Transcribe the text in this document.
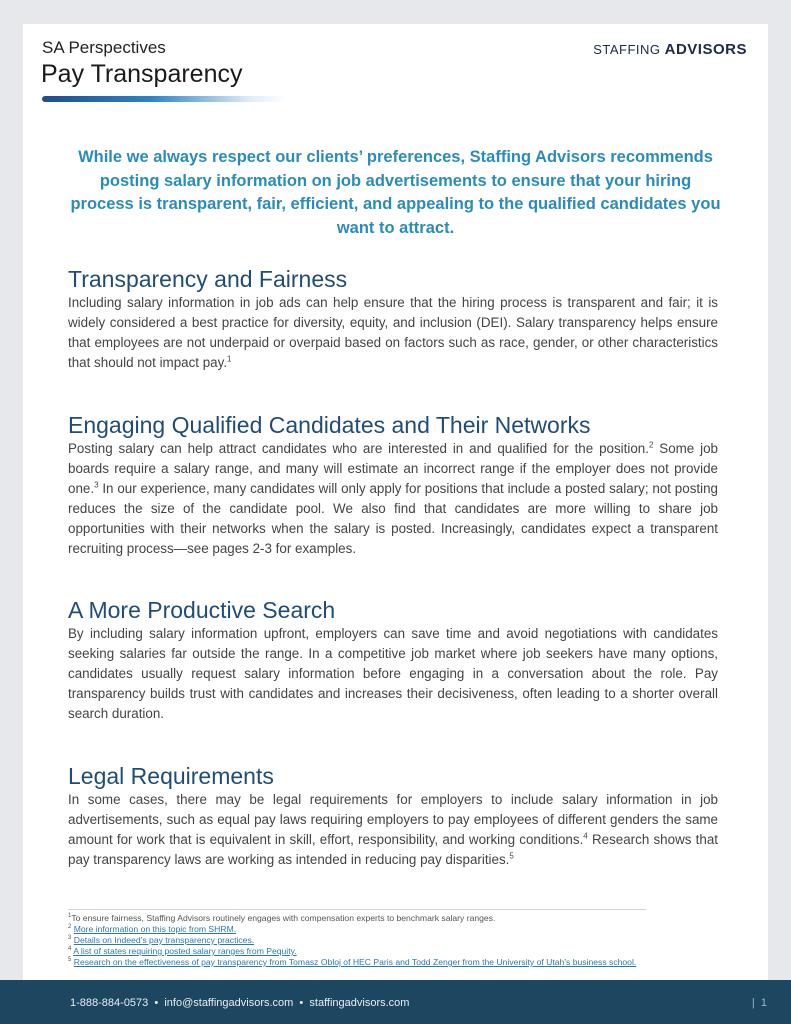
SA Perspectives
Pay Transparency
STAFFING ADVISORS
While we always respect our clients’ preferences, Staffing Advisors recommends posting salary information on job advertisements to ensure that your hiring process is transparent, fair, efficient, and appealing to the qualified candidates you want to attract.
Transparency and Fairness

Including salary information in job ads can help ensure that the hiring process is transparent and fair; it is widely considered a best practice for diversity, equity, and inclusion (DEI). Salary transparency helps ensure that employees are not underpaid or overpaid based on factors such as race, gender, or other characteristics that should not impact pay.$^1$

Engaging Qualified Candidates and Their Networks

Posting salary can help attract candidates who are interested in and qualified for the position.$^2$ Some job boards require a salary range, and many will estimate an incorrect range if the employer does not provide one.$^3$ In our experience, many candidates will only apply for positions that include a posted salary; not posting reduces the size of the candidate pool. We also find that candidates are more willing to share job opportunities with their networks when the salary is posted. Increasingly, candidates expect a transparent recruiting process—see pages 2-3 for examples.

A More Productive Search

By including salary information upfront, employers can save time and avoid negotiations with candidates seeking salaries far outside the range. In a competitive job market where job seekers have many options, candidates usually request salary information before engaging in a conversation about the role. Pay transparency builds trust with candidates and increases their decisiveness, often leading to a shorter overall search duration.

Legal Requirements

In some cases, there may be legal requirements for employers to include salary information in job advertisements, such as equal pay laws requiring employers to pay employees of different genders the same amount for work that is equivalent in skill, effort, responsibility, and working conditions.$^4$ Research shows that pay transparency laws are working as intended in reducing pay disparities.$^5$

$^1$To ensure fairness, Staffing Advisors routinely engages with compensation experts to benchmark salary ranges.
$^2$ More information on this topic from SHRM.
$^3$ Details on Indeed’s pay transparency practices.
$^4$ A list of states requiring posted salary ranges from Pequity.
$^5$ Research on the effectiveness of pay transparency from Tomasz Obloj of HEC Paris and Todd Zenger from the University of Utah’s business school.
1-888-884-0573  •  info@staffingadvisors.com  •  staffingadvisors.com	|  1
